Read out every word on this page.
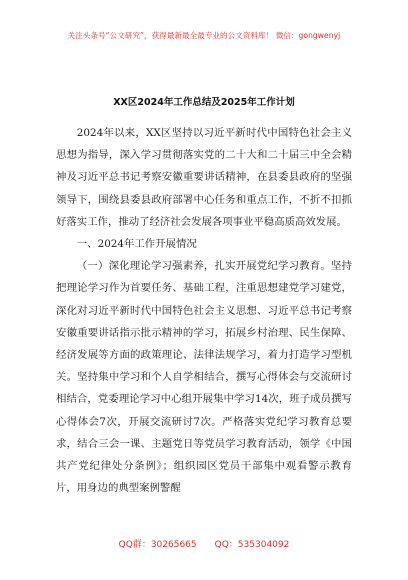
关注头条号“公文研究”，获得最新最全最专业的公文资料库！ 微信：gongwenyj
XX区2024年工作总结及2025年工作计划

2024年以来，XX区坚持以习近平新时代中国特色社会主义思想为指导，深入学习贯彻落实党的二十大和二十届三中全会精神及习近平总书记考察安徽重要讲话精神，在县委县政府的坚强领导下，围绕县委县政府部署中心任务和重点工作，不折不扣抓好落实工作，推动了经济社会发展各项事业平稳高质高效发展。

一、2024年工作开展情况

（一）深化理论学习强素养，扎实开展党纪学习教育。坚持把理论学习作为首要任务、基础工程，注重思想建党学习建党，深化对习近平新时代中国特色社会主义思想、习近平总书记考察安徽重要讲话指示批示精神的学习，拓展乡村治理、民生保障、经济发展等方面的政策理论、法律法规学习，着力打造学习型机关。坚持集中学习和个人自学相结合，撰写心得体会与交流研讨相结合，党委理论学习中心组开展集中学习14次，班子成员撰写心得体会7次，开展交流研讨7次。严格落实党纪学习教育总要求，结合三会一课、主题党日等党员学习教育活动，领学《中国共产党纪律处分条例》；组织园区党员干部集中观看警示教育片，用身边的典型案例警醒

QQ群：30265665 QQ：535304092
